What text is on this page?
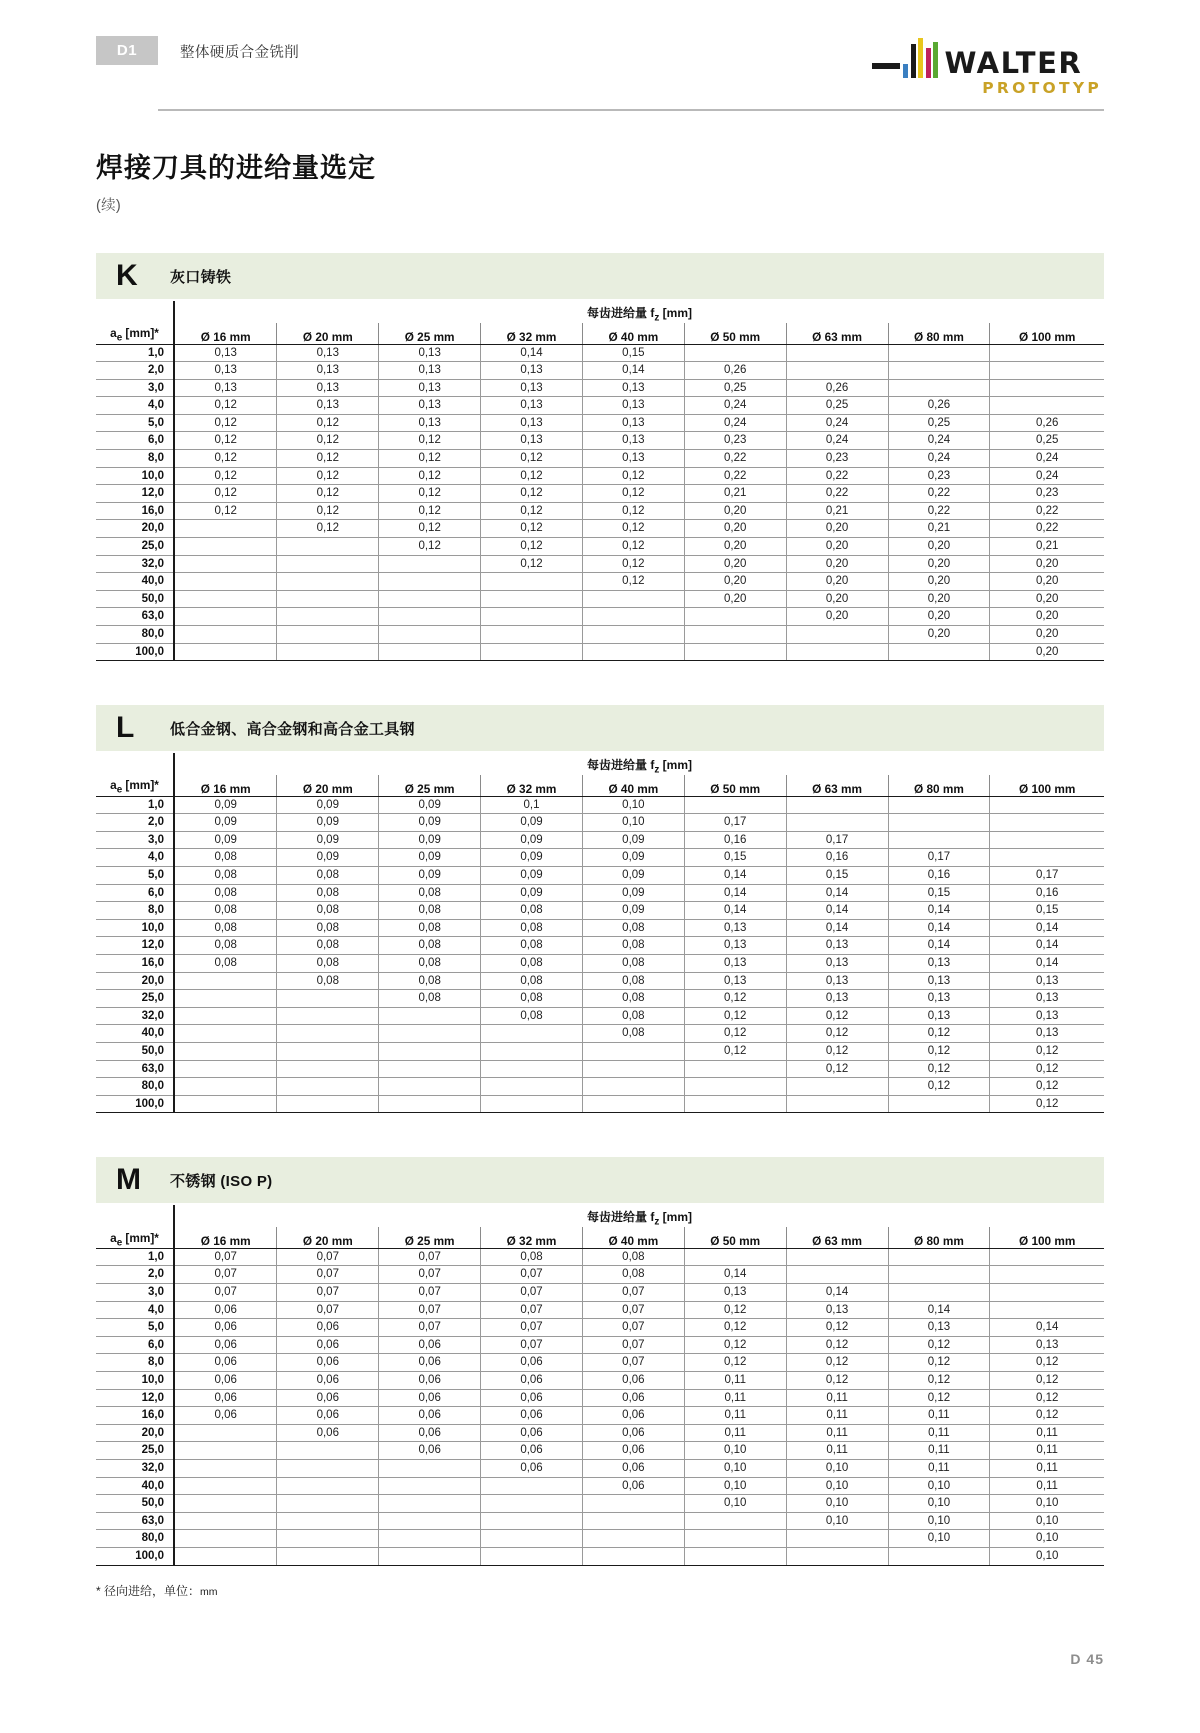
D1	整体硬质合金铣削	WALTER
PROTOTYP
焊接刀具的进给量选定
(续)
K	灰口铸铁
	每齿进给量 $f_z$ [mm]								
$a_e$ [mm]*	Ø 16 mm	Ø 20 mm	Ø 25 mm	Ø 32 mm	Ø 40 mm	Ø 50 mm	Ø 63 mm	Ø 80 mm	Ø 100 mm
1,0	0,13	0,13	0,13	0,14	0,15				
2,0	0,13	0,13	0,13	0,13	0,14	0,26			
3,0	0,13	0,13	0,13	0,13	0,13	0,25	0,26		
4,0	0,12	0,13	0,13	0,13	0,13	0,24	0,25	0,26	
5,0	0,12	0,12	0,13	0,13	0,13	0,24	0,24	0,25	0,26
6,0	0,12	0,12	0,12	0,13	0,13	0,23	0,24	0,24	0,25
8,0	0,12	0,12	0,12	0,12	0,13	0,22	0,23	0,24	0,24
10,0	0,12	0,12	0,12	0,12	0,12	0,22	0,22	0,23	0,24
12,0	0,12	0,12	0,12	0,12	0,12	0,21	0,22	0,22	0,23
16,0	0,12	0,12	0,12	0,12	0,12	0,20	0,21	0,22	0,22
20,0		0,12	0,12	0,12	0,12	0,20	0,20	0,21	0,22
25,0			0,12	0,12	0,12	0,20	0,20	0,20	0,21
32,0				0,12	0,12	0,20	0,20	0,20	0,20
40,0					0,12	0,20	0,20	0,20	0,20
50,0						0,20	0,20	0,20	0,20
63,0							0,20	0,20	0,20
80,0								0,20	0,20
100,0									0,20
L	低合金钢、高合金钢和高合金工具钢
	每齿进给量 $f_z$ [mm]								
$a_e$ [mm]*	Ø 16 mm	Ø 20 mm	Ø 25 mm	Ø 32 mm	Ø 40 mm	Ø 50 mm	Ø 63 mm	Ø 80 mm	Ø 100 mm
1,0	0,09	0,09	0,09	0,1	0,10				
2,0	0,09	0,09	0,09	0,09	0,10	0,17			
3,0	0,09	0,09	0,09	0,09	0,09	0,16	0,17		
4,0	0,08	0,09	0,09	0,09	0,09	0,15	0,16	0,17	
5,0	0,08	0,08	0,09	0,09	0,09	0,14	0,15	0,16	0,17
6,0	0,08	0,08	0,08	0,09	0,09	0,14	0,14	0,15	0,16
8,0	0,08	0,08	0,08	0,08	0,09	0,14	0,14	0,14	0,15
10,0	0,08	0,08	0,08	0,08	0,08	0,13	0,14	0,14	0,14
12,0	0,08	0,08	0,08	0,08	0,08	0,13	0,13	0,14	0,14
16,0	0,08	0,08	0,08	0,08	0,08	0,13	0,13	0,13	0,14
20,0		0,08	0,08	0,08	0,08	0,13	0,13	0,13	0,13
25,0			0,08	0,08	0,08	0,12	0,13	0,13	0,13
32,0				0,08	0,08	0,12	0,12	0,13	0,13
40,0					0,08	0,12	0,12	0,12	0,13
50,0						0,12	0,12	0,12	0,12
63,0							0,12	0,12	0,12
80,0								0,12	0,12
100,0									0,12
M	不锈钢 (ISO P)
	每齿进给量 $f_z$ [mm]								
$a_e$ [mm]*	Ø 16 mm	Ø 20 mm	Ø 25 mm	Ø 32 mm	Ø 40 mm	Ø 50 mm	Ø 63 mm	Ø 80 mm	Ø 100 mm
1,0	0,07	0,07	0,07	0,08	0,08				
2,0	0,07	0,07	0,07	0,07	0,08	0,14			
3,0	0,07	0,07	0,07	0,07	0,07	0,13	0,14		
4,0	0,06	0,07	0,07	0,07	0,07	0,12	0,13	0,14	
5,0	0,06	0,06	0,07	0,07	0,07	0,12	0,12	0,13	0,14
6,0	0,06	0,06	0,06	0,07	0,07	0,12	0,12	0,12	0,13
8,0	0,06	0,06	0,06	0,06	0,07	0,12	0,12	0,12	0,12
10,0	0,06	0,06	0,06	0,06	0,06	0,11	0,12	0,12	0,12
12,0	0,06	0,06	0,06	0,06	0,06	0,11	0,11	0,12	0,12
16,0	0,06	0,06	0,06	0,06	0,06	0,11	0,11	0,11	0,12
20,0		0,06	0,06	0,06	0,06	0,11	0,11	0,11	0,11
25,0			0,06	0,06	0,06	0,10	0,11	0,11	0,11
32,0				0,06	0,06	0,10	0,10	0,11	0,11
40,0					0,06	0,10	0,10	0,10	0,11
50,0						0,10	0,10	0,10	0,10
63,0							0,10	0,10	0,10
80,0								0,10	0,10
100,0									0,10
* 径向进给，单位：mm
D 45
